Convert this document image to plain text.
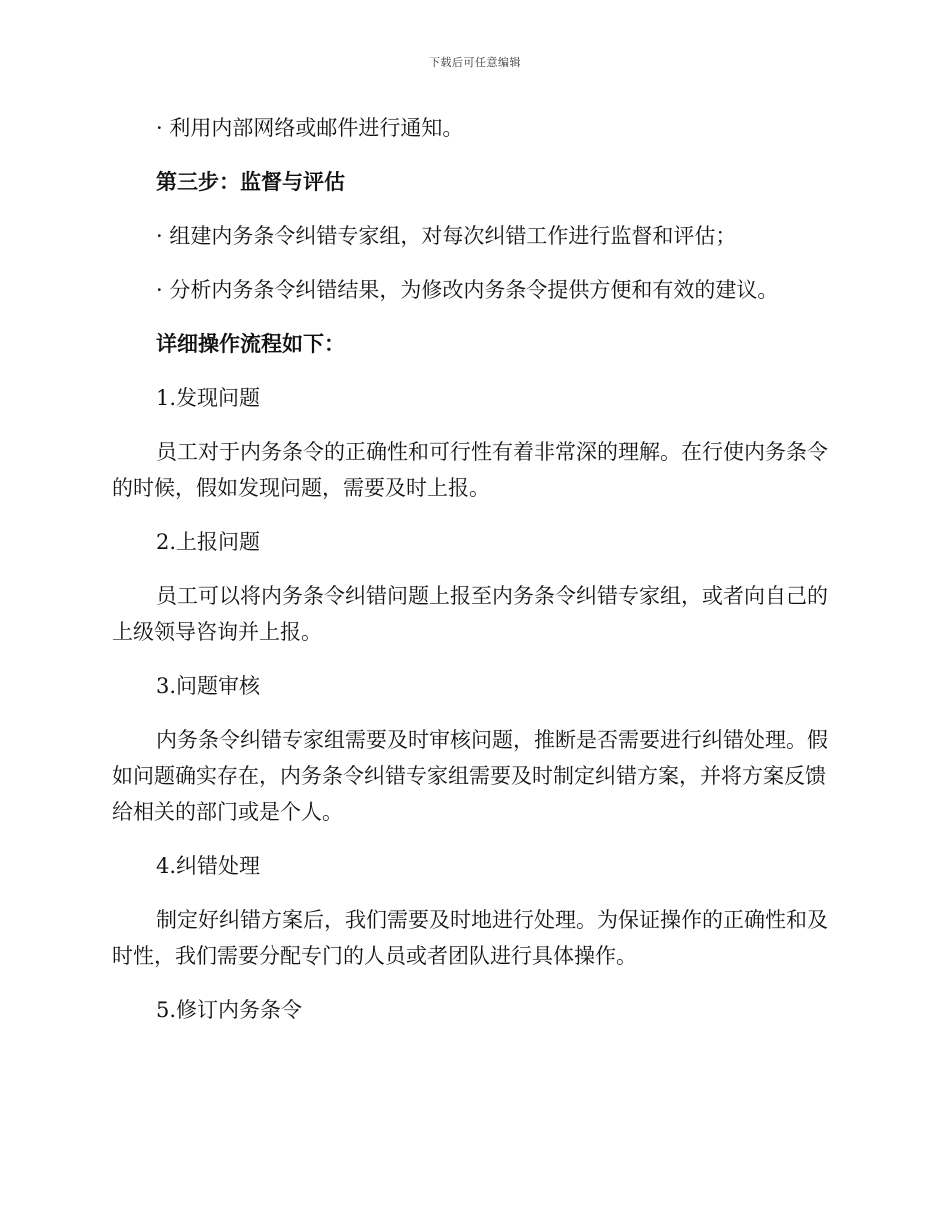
下载后可任意编辑

· 利用内部网络或邮件进行通知。

第三步：监督与评估

· 组建内务条令纠错专家组，对每次纠错工作进行监督和评估；

· 分析内务条令纠错结果，为修改内务条令提供方便和有效的建议。

详细操作流程如下：

1.发现问题

员工对于内务条令的正确性和可行性有着非常深的理解。在行使内务条令的时候，假如发现问题，需要及时上报。

2.上报问题

员工可以将内务条令纠错问题上报至内务条令纠错专家组，或者向自己的上级领导咨询并上报。

3.问题审核

内务条令纠错专家组需要及时审核问题，推断是否需要进行纠错处理。假如问题确实存在，内务条令纠错专家组需要及时制定纠错方案，并将方案反馈给相关的部门或是个人。

4.纠错处理

制定好纠错方案后，我们需要及时地进行处理。为保证操作的正确性和及时性，我们需要分配专门的人员或者团队进行具体操作。

5.修订内务条令
